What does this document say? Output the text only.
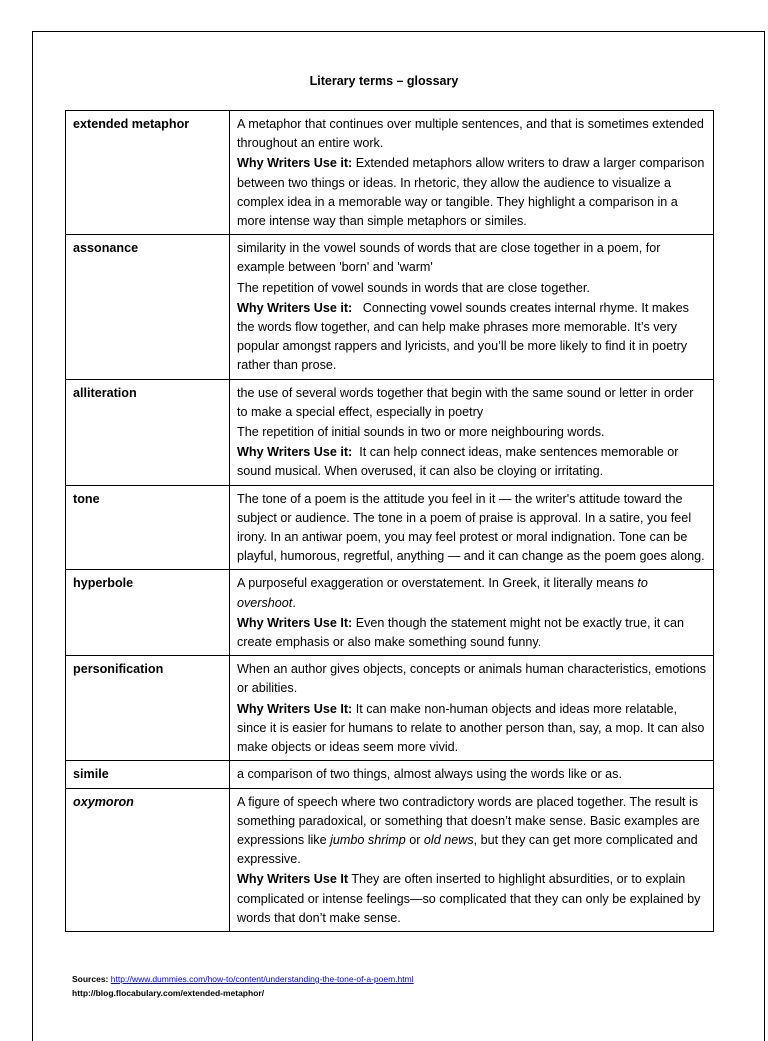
Literary terms – glossary
extended metaphor	A metaphor that continues over multiple sentences, and that is sometimes extended throughout an entire work.

Why Writers Use it: Extended metaphors allow writers to draw a larger comparison between two things or ideas. In rhetoric, they allow the audience to visualize a complex idea in a memorable way or tangible. They highlight a comparison in a more intense way than simple metaphors or similes.

assonance	similarity in the vowel sounds of words that are close together in a poem, for example between 'born' and 'warm'

The repetition of vowel sounds in words that are close together.

Why Writers Use it:   Connecting vowel sounds creates internal rhyme. It makes the words flow together, and can help make phrases more memorable. It’s very popular amongst rappers and lyricists, and you’ll be more likely to find it in poetry rather than prose.

alliteration	the use of several words together that begin with the same sound or letter in order to make a special effect, especially in poetry

The repetition of initial sounds in two or more neighbouring words.

Why Writers Use it:  It can help connect ideas, make sentences memorable or sound musical. When overused, it can also be cloying or irritating.

tone	The tone of a poem is the attitude you feel in it — the writer's attitude toward the subject or audience. The tone in a poem of praise is approval. In a satire, you feel irony. In an antiwar poem, you may feel protest or moral indignation. Tone can be playful, humorous, regretful, anything — and it can change as the poem goes along.

hyperbole	A purposeful exaggeration or overstatement. In Greek, it literally means to overshoot.

Why Writers Use It: Even though the statement might not be exactly true, it can create emphasis or also make something sound funny.

personification	When an author gives objects, concepts or animals human characteristics, emotions or abilities.

Why Writers Use It: It can make non-human objects and ideas more relatable, since it is easier for humans to relate to another person than, say, a mop. It can also make objects or ideas seem more vivid.

simile	a comparison of two things, almost always using the words like or as.

oxymoron	A figure of speech where two contradictory words are placed together. The result is something paradoxical, or something that doesn’t make sense. Basic examples are expressions like jumbo shrimp or old news, but they can get more complicated and expressive.

Why Writers Use It They are often inserted to highlight absurdities, or to explain complicated or intense feelings—so complicated that they can only be explained by words that don’t make sense.

Sources: http://www.dummies.com/how-to/content/understanding-the-tone-of-a-poem.html
http://blog.flocabulary.com/extended-metaphor/
